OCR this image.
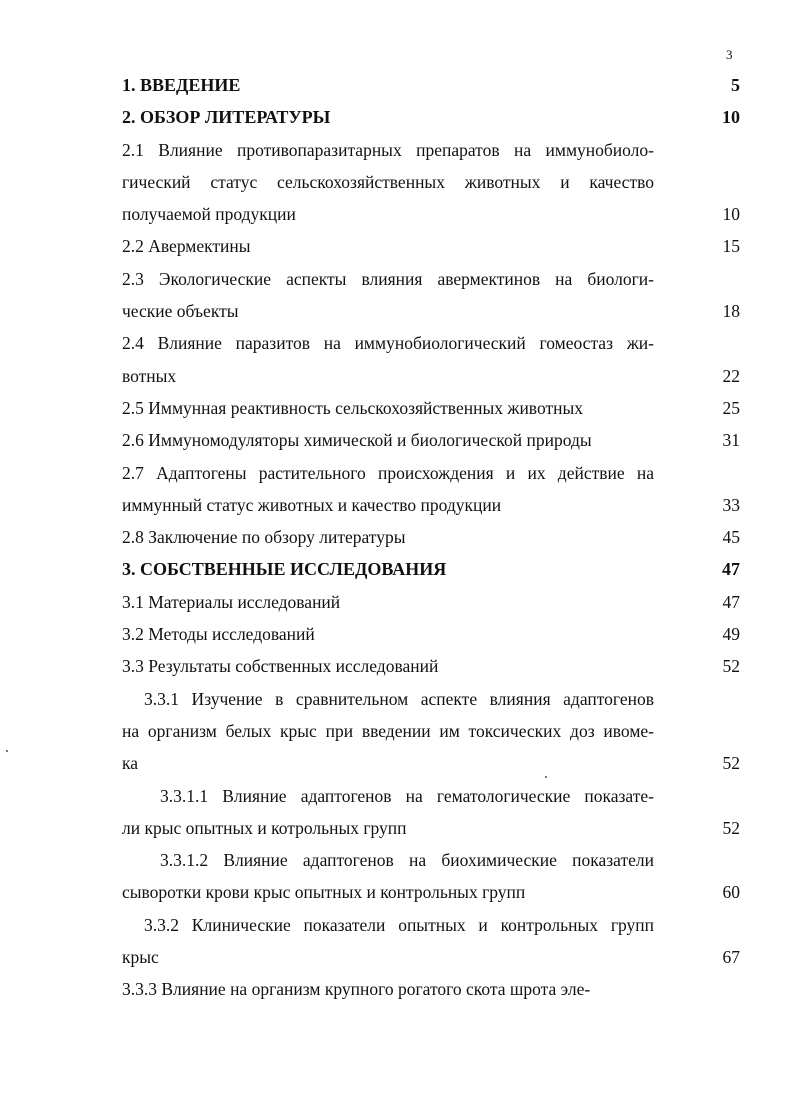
3
1. ВВЕДЕНИЕ	5
2. ОБЗОР ЛИТЕРАТУРЫ	10
2.1 Влияние противопаразитарных препаратов на иммунобиоло-
гический статус сельскохозяйственных животных и качество
получаемой продукции	10
2.2 Авермектины	15
2.3 Экологические аспекты влияния авермектинов на биологи-
ческие объекты	18
2.4 Влияние паразитов на иммунобиологический гомеостаз жи-
вотных	22
2.5 Иммунная реактивность сельскохозяйственных животных	25
2.6 Иммуномодуляторы химической и биологической природы	31
2.7 Адаптогены растительного происхождения и их действие на
иммунный статус животных и качество продукции	33
2.8 Заключение по обзору литературы	45
3. СОБСТВЕННЫЕ ИССЛЕДОВАНИЯ	47
3.1 Материалы исследований	47
3.2 Методы исследований	49
3.3 Результаты собственных исследований	52
3.3.1 Изучение в сравнительном аспекте влияния адаптогенов
на организм белых крыс при введении им токсических доз ивоме-
ка	52
3.3.1.1 Влияние адаптогенов на гематологические показате-
ли крыс опытных и котрольных групп	52
3.3.1.2 Влияние адаптогенов на биохимические показатели
сыворотки крови крыс опытных и контрольных групп	60
3.3.2 Клинические показатели опытных и контрольных групп
крыс	67
3.3.3 Влияние на организм крупного рогатого скота шрота эле-
